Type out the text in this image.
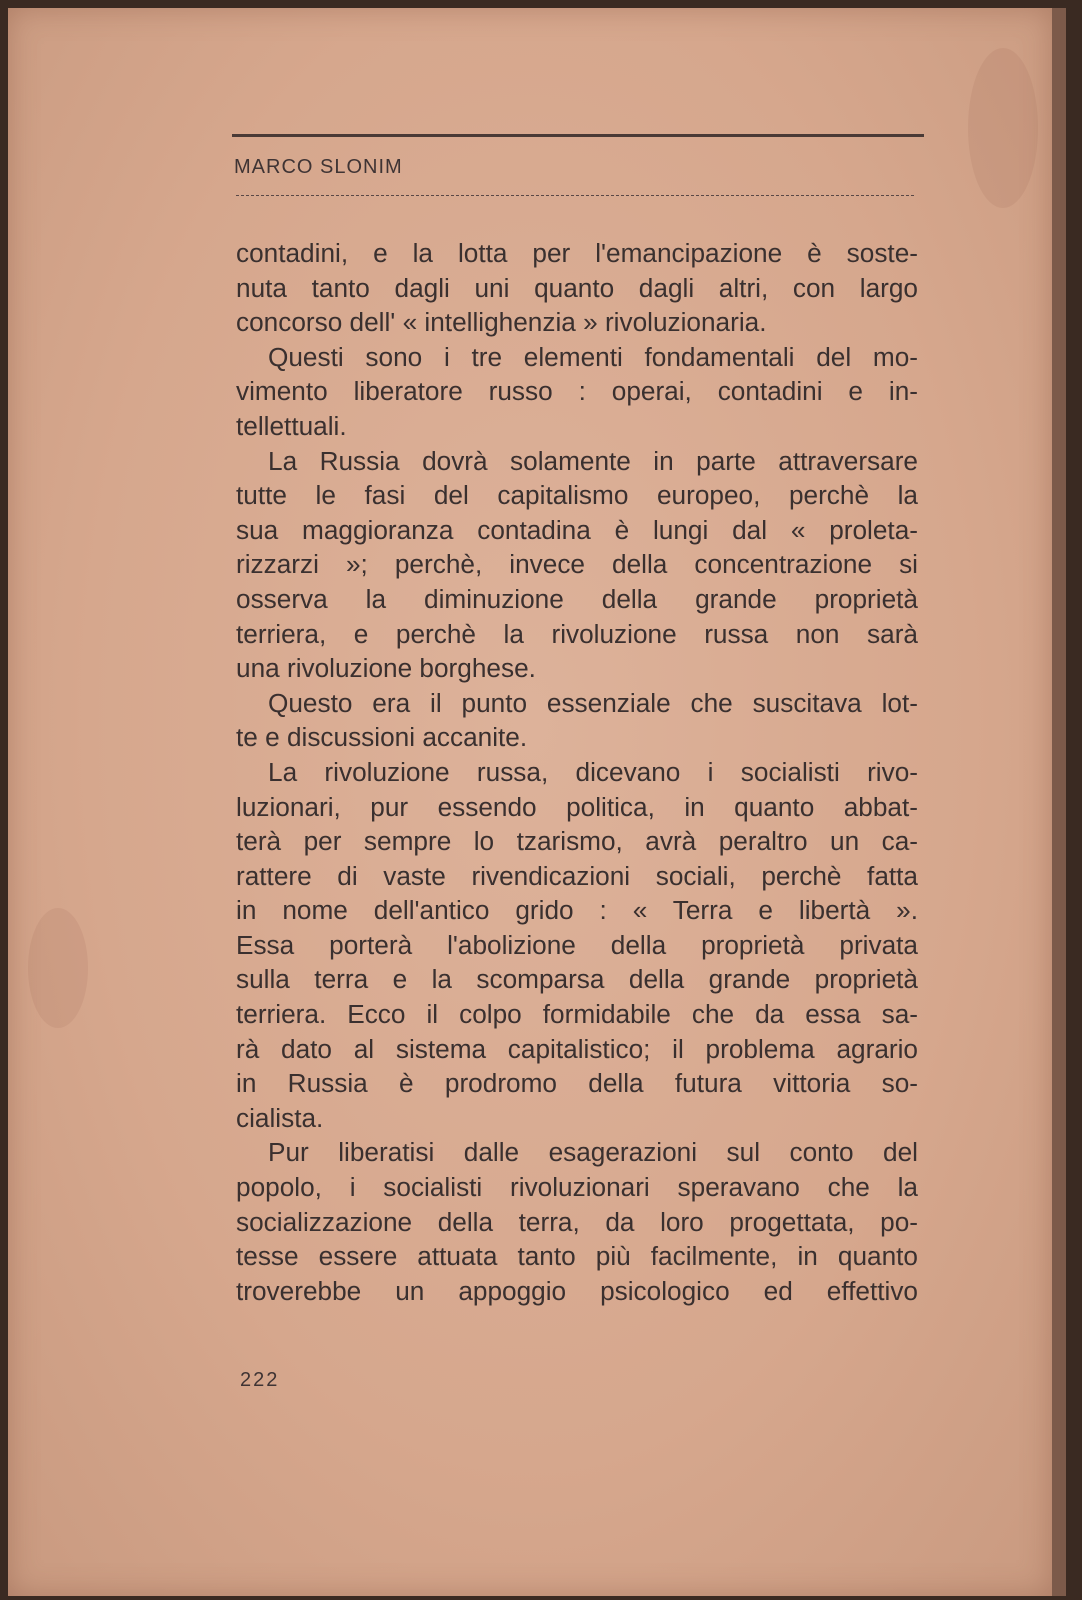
MARCO SLONIM
contadini, e la lotta per l'emancipazione è soste-
nuta tanto dagli uni quanto dagli altri, con largo
concorso dell' « intellighenzia » rivoluzionaria.
Questi sono i tre elementi fondamentali del mo-
vimento liberatore russo : operai, contadini e in-
tellettuali.
La Russia dovrà solamente in parte attraversare
tutte le fasi del capitalismo europeo, perchè la
sua maggioranza contadina è lungi dal « proleta-
rizzarzi »; perchè, invece della concentrazione si
osserva la diminuzione della grande proprietà
terriera, e perchè la rivoluzione russa non sarà
una rivoluzione borghese.
Questo era il punto essenziale che suscitava lot-
te e discussioni accanite.
La rivoluzione russa, dicevano i socialisti rivo-
luzionari, pur essendo politica, in quanto abbat-
terà per sempre lo tzarismo, avrà peraltro un ca-
rattere di vaste rivendicazioni sociali, perchè fatta
in nome dell'antico grido : « Terra e libertà ».
Essa porterà l'abolizione della proprietà privata
sulla terra e la scomparsa della grande proprietà
terriera. Ecco il colpo formidabile che da essa sa-
rà dato al sistema capitalistico; il problema agrario
in Russia è prodromo della futura vittoria so-
cialista.
Pur liberatisi dalle esagerazioni sul conto del
popolo, i socialisti rivoluzionari speravano che la
socializzazione della terra, da loro progettata, po-
tesse essere attuata tanto più facilmente, in quanto
troverebbe un appoggio psicologico ed effettivo
222
